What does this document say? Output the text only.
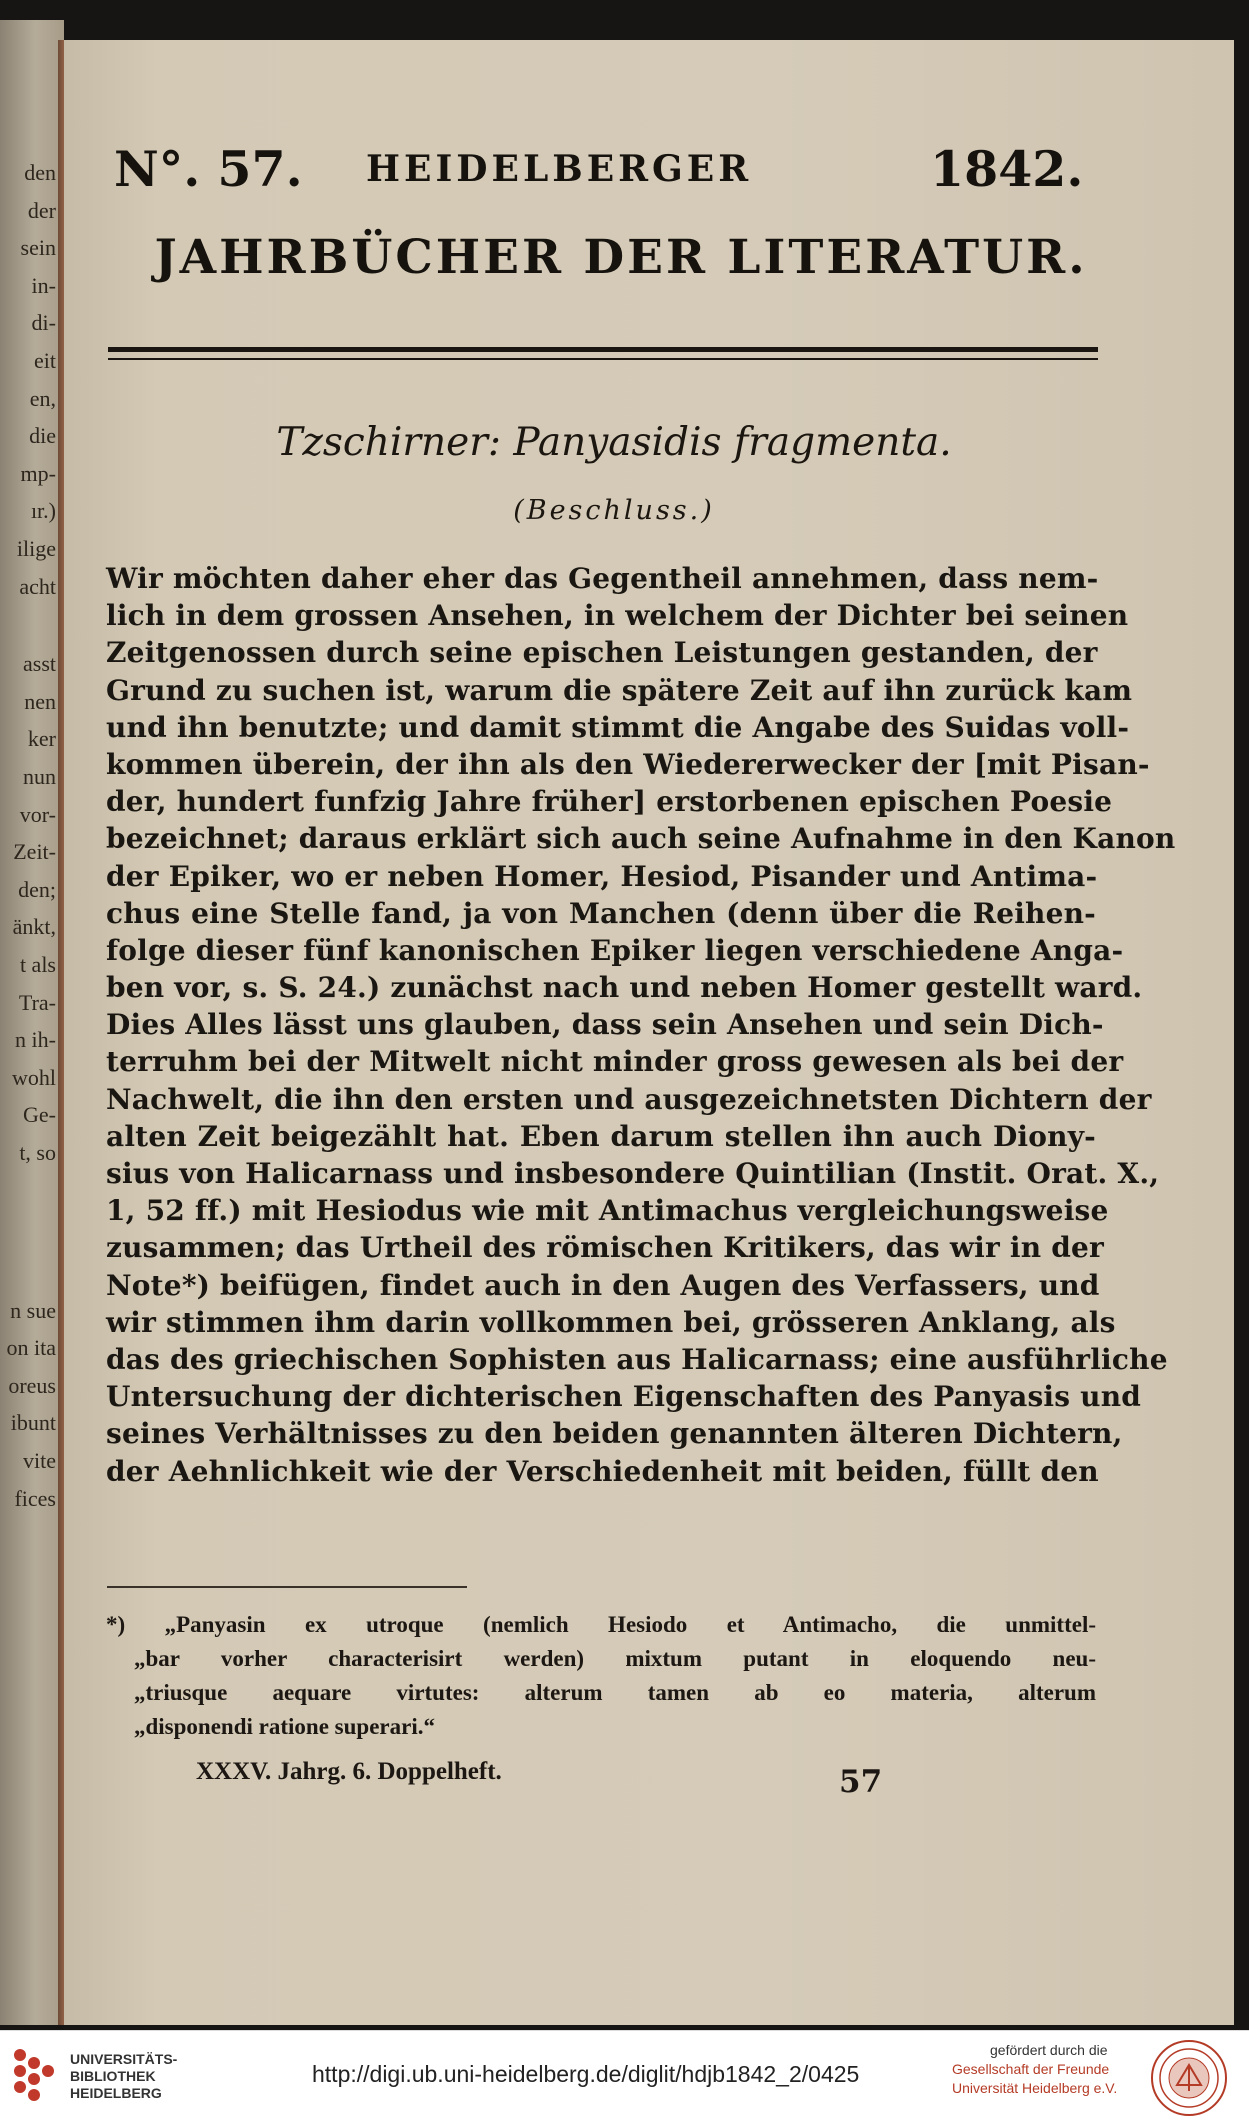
den
der
sein
in-
di-
eit
en,
die
mp-
ır.)
ilige
acht
asst
nen
ker
nun
vor-
Zeit-
den;
änkt,
t als
Tra-
n ih-
wohl
Ge-
t, so
n sue
on ita
oreus
ibunt
vite
fices
N°. 57. HEIDELBERGER	1842.
JAHRBÜCHER DER LITERATUR.
Tzschirner: Panyasidis fragmenta.
(Beschluss.)
Wir möchten daher eher das Gegentheil annehmen, dass nem-
lich in dem grossen Ansehen, in welchem der Dichter bei seinen
Zeitgenossen durch seine epischen Leistungen gestanden, der
Grund zu suchen ist, warum die spätere Zeit auf ihn zurück kam
und ihn benutzte; und damit stimmt die Angabe des Suidas voll-
kommen überein, der ihn als den Wiedererwecker der [mit Pisan-
der, hundert funfzig Jahre früher] erstorbenen epischen Poesie
bezeichnet; daraus erklärt sich auch seine Aufnahme in den Kanon
der Epiker, wo er neben Homer, Hesiod, Pisander und Antima-
chus eine Stelle fand, ja von Manchen (denn über die Reihen-
folge dieser fünf kanonischen Epiker liegen verschiedene Anga-
ben vor, s. S. 24.) zunächst nach und neben Homer gestellt ward.
Dies Alles lässt uns glauben, dass sein Ansehen und sein Dich-
terruhm bei der Mitwelt nicht minder gross gewesen als bei der
Nachwelt, die ihn den ersten und ausgezeichnetsten Dichtern der
alten Zeit beigezählt hat. Eben darum stellen ihn auch Diony-
sius von Halicarnass und insbesondere Quintilian (Instit. Orat. X.,
1, 52 ff.) mit Hesiodus wie mit Antimachus vergleichungsweise
zusammen; das Urtheil des römischen Kritikers, das wir in der
Note*) beifügen, findet auch in den Augen des Verfassers, und
wir stimmen ihm darin vollkommen bei, grösseren Anklang, als
das des griechischen Sophisten aus Halicarnass; eine ausführliche
Untersuchung der dichterischen Eigenschaften des Panyasis und
seines Verhältnisses zu den beiden genannten älteren Dichtern,
der Aehnlichkeit wie der Verschiedenheit mit beiden, füllt den
*) „Panyasin ex utroque (nemlich Hesiodo et Antimacho, die unmittel-
„bar vorher characterisirt werden) mixtum putant in eloquendo neu-
„triusque aequare virtutes: alterum tamen ab eo materia, alterum
„disponendi ratione superari.“
XXXV. Jahrg. 6. Doppelheft.	57
UNIVERSITÄTS-
BIBLIOTHEK
HEIDELBERG
http://digi.ub.uni-heidelberg.de/diglit/hdjb1842_2/0425
gefördert durch die
Gesellschaft der Freunde
Universität Heidelberg e.V.
